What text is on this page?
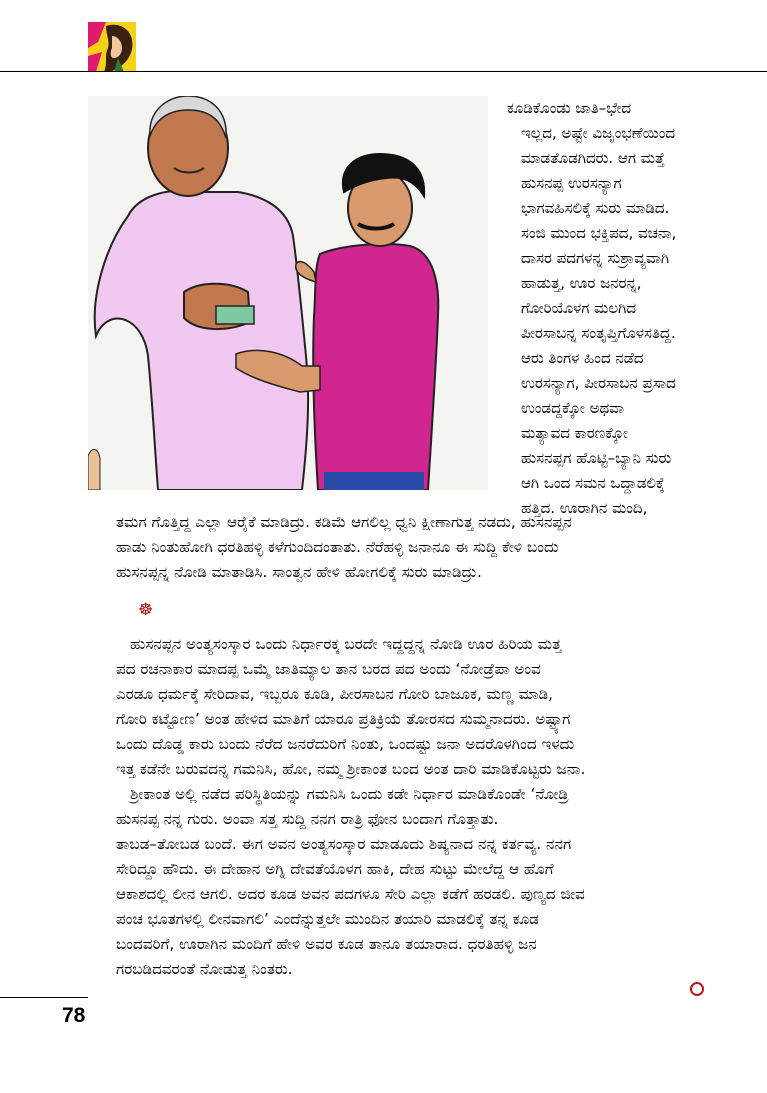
ಕೂಡಿಕೊಂಡು ಜಾತಿ–ಭೇದ
ಇಲ್ಲದ, ಅಷ್ಟೇ ವಿಜೃಂಭಣೆಯಿಂದ
ಮಾಡತೊಡಗಿದರು. ಆಗ ಮತ್ತೆ
ಹುಸನಪ್ಪ ಉರಸನ್ಯಾಗ
ಭಾಗವಹಿಸಲಿಕ್ಕೆ ಸುರು ಮಾಡಿದ.
ಸಂಜಿ ಮುಂದ ಭಕ್ತಿಪದ, ವಚನಾ,
ದಾಸರ ಪದಗಳನ್ನ ಸುಶ್ರಾವ್ಯವಾಗಿ
ಹಾಡುತ್ತ, ಊರ ಜನರನ್ನ,
ಗೋರಿಯೊಳಗ ಮಲಗಿದ
ಪೀರಸಾಬನ್ನ ಸಂತೃಪ್ತಿಗೊಳಸತಿದ್ದ.
ಆರು ತಿಂಗಳ ಹಿಂದ ನಡೆದ
ಉರಸನ್ಯಾಗ, ಪೀರಸಾಬನ ಪ್ರಸಾದ
ಉಂಡದ್ದಕ್ಕೋ ಅಥವಾ
ಮತ್ಯಾವದ ಕಾರಣಕ್ಕೋ
ಹುಸನಪ್ಪಗ ಹೊಟ್ಟಿ–ಬ್ಯಾನಿ ಸುರು
ಆಗಿ ಒಂದ ಸಮನ ಒದ್ದಾಡಲಿಕ್ಕೆ
ಹತ್ತಿದ. ಊರಾಗಿನ ಮಂದಿ,
ತಮಗ ಗೊತ್ತಿದ್ದ ಎಲ್ಲಾ ಆರೈಕೆ ಮಾಡಿದ್ರು. ಕಡಿಮೆ ಆಗಲಿಲ್ಲ ಧ್ವನಿ ಕ್ಷೀಣಾಗುತ್ತ ನಡದು, ಹುಸನಪ್ಪನ
ಹಾಡು ನಿಂತುಹೋಗಿ ಧರತಿಹಳ್ಳಿ ಕಳೆಗುಂದಿದಂತಾತು. ನೆರೆಹಳ್ಳಿ ಜನಾನೂ ಈ ಸುದ್ದಿ ಕೇಳಿ ಬಂದು
ಹುಸನಪ್ಪನ್ನ ನೋಡಿ ಮಾತಾಡಿಸಿ. ಸಾಂತ್ವನ ಹೇಳಿ ಹೋಗಲಿಕ್ಕೆ ಸುರು ಮಾಡಿದ್ರು.
☸
ಹುಸನಪ್ಪನ ಅಂತ್ಯಸಂಸ್ಕಾರ ಒಂದು ನಿರ್ಧಾರಕ್ಕ ಬರದೇ ಇದ್ದದ್ದನ್ನ ನೋಡಿ ಊರ ಹಿರಿಯ ಮತ್ತ
ಪದ ರಚನಾಕಾರ ಮಾದಪ್ಪ ಒಮ್ಮೆ ಜಾತಿಮ್ಯಾಲ ತಾನ ಬರದ ಪದ ಅಂದು ‘ನೋಡ್ರೆಪಾ ಅಂವ
ಎರಡೂ ಧರ್ಮಕ್ಕೆ ಸೇರಿದಾವ, ಇಬ್ಬರೂ ಕೂಡಿ, ಪೀರಸಾಬನ ಗೋರಿ ಬಾಜೂಕ, ಮಣ್ಣ ಮಾಡಿ,
ಗೋರಿ ಕಟ್ಟೋಣ’ ಅಂತ ಹೇಳಿದ ಮಾತಿಗೆ ಯಾರೂ ಪ್ರತಿಕ್ರಿಯೆ ತೋರಸದ ಸುಮ್ಮನಾದರು. ಅಷ್ಟ್ಯಾಗ
ಒಂದು ದೊಡ್ಡ ಕಾರು ಬಂದು ನೆರೆದ ಜನರೆದುರಿಗೆ ನಿಂತು, ಒಂದಷ್ಟು ಜನಾ ಅದರೊಳಗಿಂದ ಇಳದು
ಇತ್ತ ಕಡೆನೇ ಬರುವದನ್ನ ಗಮನಿಸಿ, ಹೋ, ನಮ್ಮ ಶ್ರೀಕಾಂತ ಬಂದ ಅಂತ ದಾರಿ ಮಾಡಿಕೊಟ್ಟರು ಜನಾ.
ಶ್ರೀಕಾಂತ ಅಲ್ಲಿ ನಡೆದ ಪರಿಸ್ಥಿತಿಯನ್ನು ಗಮನಿಸಿ ಒಂದು ಕಡೇ ನಿರ್ಧಾರ ಮಾಡಿಕೊಂಡೇ ‘ನೋಡ್ರಿ
ಹುಸನಪ್ಪ ನನ್ನ ಗುರು. ಅಂವಾ ಸತ್ತ ಸುದ್ದಿ ನನಗ ರಾತ್ರಿ ಫೋನ ಬಂದಾಗ ಗೊತ್ತಾತು.
ತಾಬಡ–ತೋಬಡ ಬಂದೆ. ಈಗ ಅವನ ಅಂತ್ಯಸಂಸ್ಕಾರ ಮಾಡೂದು ಶಿಷ್ಯನಾದ ನನ್ನ ಕರ್ತವ್ಯ. ನನಗ
ಸೇರಿದ್ದೂ ಹೌದು. ಈ ದೇಹಾನ ಅಗ್ನಿ ದೇವತೆಯೊಳಗ ಹಾಕಿ, ದೇಹ ಸುಟ್ಟು ಮೇಲೆದ್ದ ಆ ಹೊಗೆ
ಆಕಾಶದಲ್ಲಿ ಲೀನ ಆಗಲಿ. ಅದರ ಕೂಡ ಅವನ ಪದಗಳೂ ಸೇರಿ ಎಲ್ಲಾ ಕಡೆಗೆ ಹರಡಲಿ. ಪುಣ್ಯದ ಜೀವ
ಪಂಚ ಭೂತಗಳಲ್ಲಿ ಲೀನವಾಗಲಿ’ ಎಂದೆನ್ನುತ್ತಲೇ ಮುಂದಿನ ತಯಾರಿ ಮಾಡಲಿಕ್ಕೆ ತನ್ನ ಕೂಡ
ಬಂದವರಿಗೆ, ಊರಾಗಿನ ಮಂದಿಗೆ ಹೇಳಿ ಅವರ ಕೂಡ ತಾನೂ ತಯಾರಾದ. ಧರತಿಹಳ್ಳಿ ಜನ
ಗರಬಡಿದವರಂತೆ ನೋಡುತ್ತ ನಿಂತರು.
78
